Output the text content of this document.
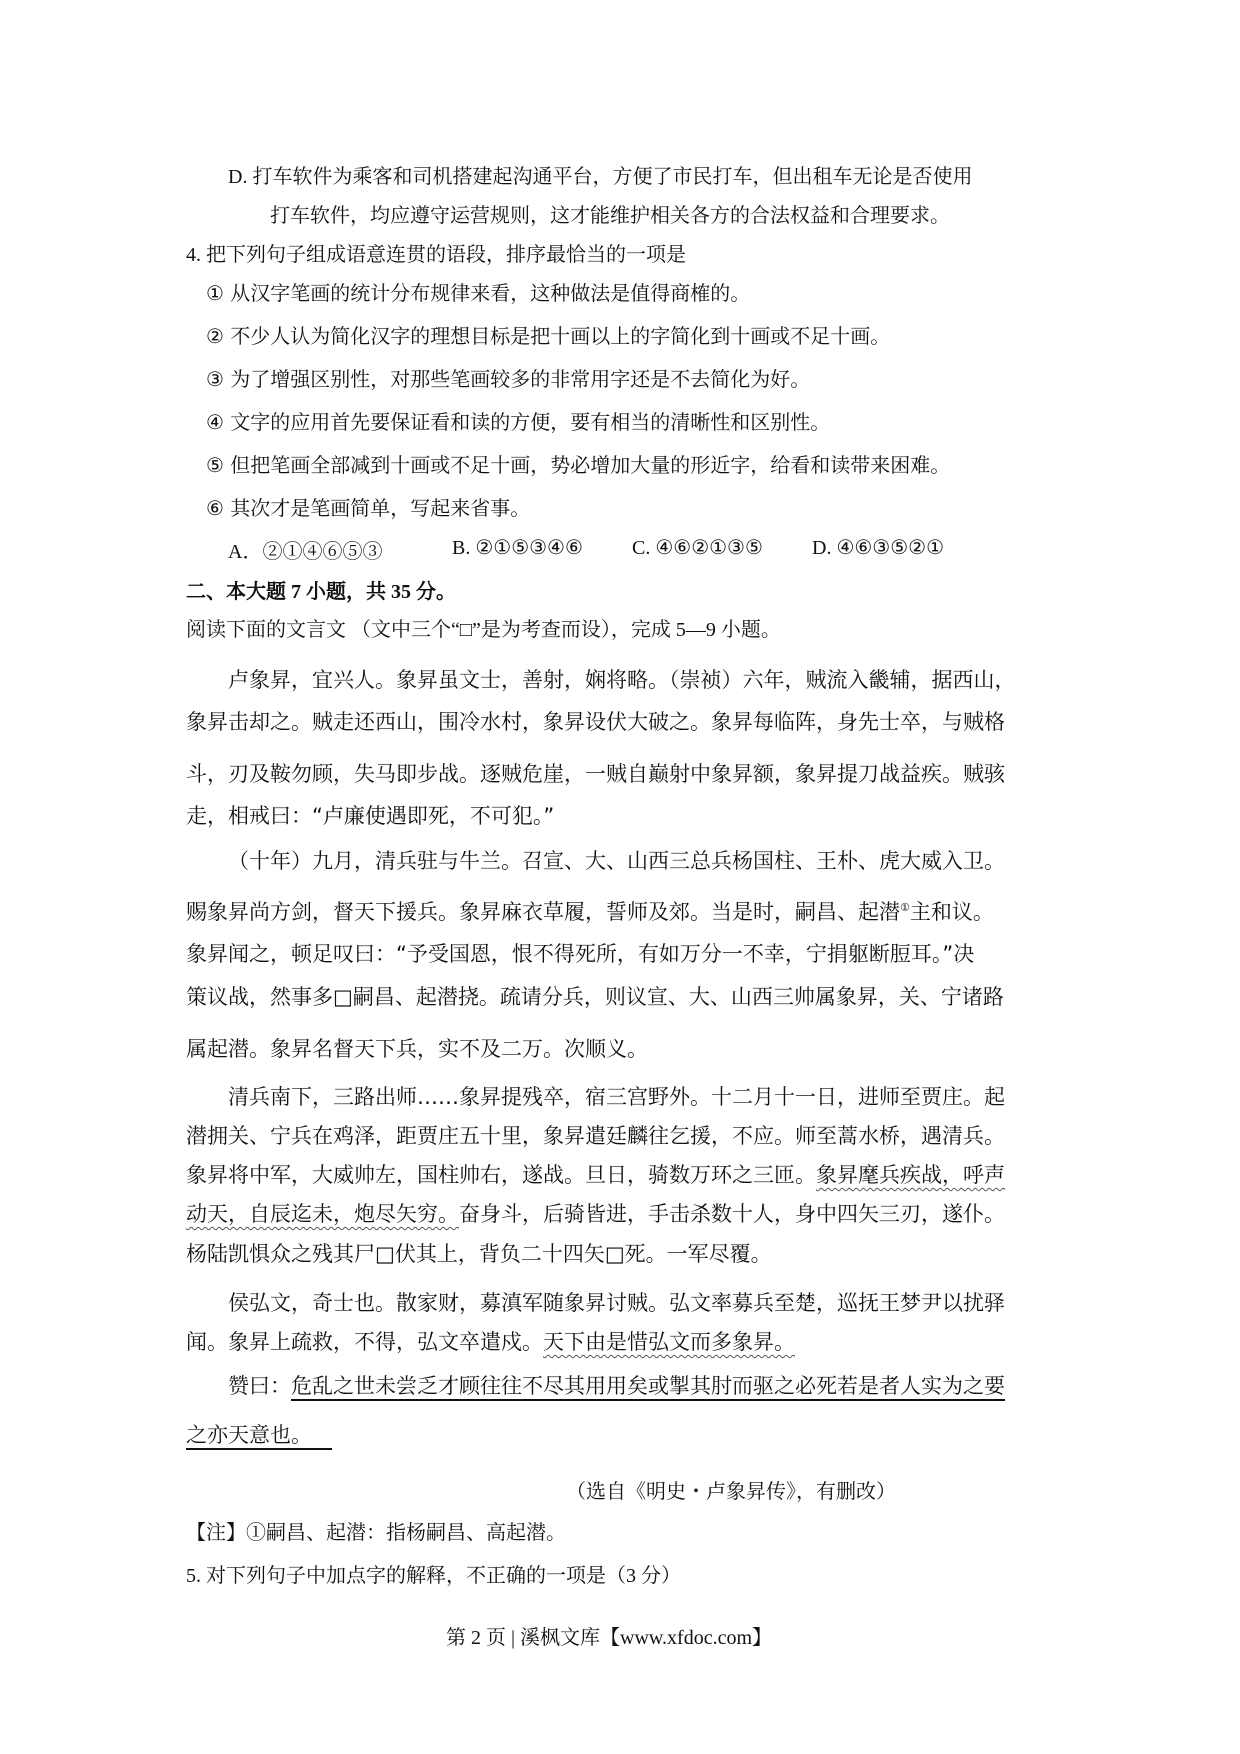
D. 打车软件为乘客和司机搭建起沟通平台，方便了市民打车，但出租车无论是否使用
打车软件，均应遵守运营规则，这才能维护相关各方的合法权益和合理要求。
4. 把下列句子组成语意连贯的语段，排序最恰当的一项是
① 从汉字笔画的统计分布规律来看，这种做法是值得商榷的。
② 不少人认为简化汉字的理想目标是把十画以上的字简化到十画或不足十画。
③ 为了增强区别性，对那些笔画较多的非常用字还是不去简化为好。
④ 文字的应用首先要保证看和读的方便，要有相当的清晰性和区别性。
⑤ 但把笔画全部减到十画或不足十画，势必增加大量的形近字，给看和读带来困难。
⑥ 其次才是笔画简单，写起来省事。
A．②①④⑥⑤③	B. ②①⑤③④⑥ C. ④⑥②①③⑤ D. ④⑥③⑤②①
二、本大题 7 小题，共 35 分。
阅读下面的文言文 （文中三个“□”是为考查而设），完成 5—9 小题。
卢象昇，宜兴人。象昇虽文士，善射，娴将略。（崇祯）六年，贼流入畿辅，据西山，
象昇击却之。贼走还西山，围冷水村，象昇设伏大破之。象昇每临阵，身先士卒，与贼格
斗，刃及鞍勿顾，失马即步战。逐贼危崖，一贼自巅射中象昇额，象昇提刀战益疾。贼骇
走，相戒曰：“卢廉使遇即死，不可犯。”
（十年）九月，清兵驻与牛兰。召宣、大、山西三总兵杨国柱、王朴、虎大威入卫。
赐象昇尚方剑，督天下援兵。象昇麻衣草履，誓师及郊。当是时，嗣昌、起潜①主和议。
象昇闻之，顿足叹曰：“予受国恩，恨不得死所，有如万分一不幸，宁捐躯断脰耳。”决
策议战，然事多□嗣昌、起潜挠。疏请分兵，则议宣、大、山西三帅属象昇，关、宁诸路
属起潜。象昇名督天下兵，实不及二万。次顺义。
清兵南下，三路出师……象昇提残卒，宿三宫野外。十二月十一日，进师至贾庄。起
潜拥关、宁兵在鸡泽，距贾庄五十里，象昇遣廷麟往乞援，不应。师至蒿水桥，遇清兵。
象昇将中军，大威帅左，国柱帅右，遂战。旦日，骑数万环之三匝。象昇麾兵疾战，呼声
动天，自辰迄未，炮尽矢穷。奋身斗，后骑皆进，手击杀数十人，身中四矢三刃，遂仆。
杨陆凯惧众之残其尸□伏其上，背负二十四矢□死。一军尽覆。
侯弘文，奇士也。散家财，募滇军随象昇讨贼。弘文率募兵至楚，巡抚王梦尹以扰驿
闻。象昇上疏救，不得，弘文卒遣戍。天下由是惜弘文而多象昇。
赞曰：危乱之世未尝乏才顾往往不尽其用用矣或掣其肘而驱之必死若是者人实为之要
之亦天意也。
（选自《明史・卢象昇传》，有删改）
【注】①嗣昌、起潜：指杨嗣昌、高起潜。
5. 对下列句子中加点字的解释，不正确的一项是（3 分）
第 2 页 | 溪枫文库【www.xfdoc.com】
